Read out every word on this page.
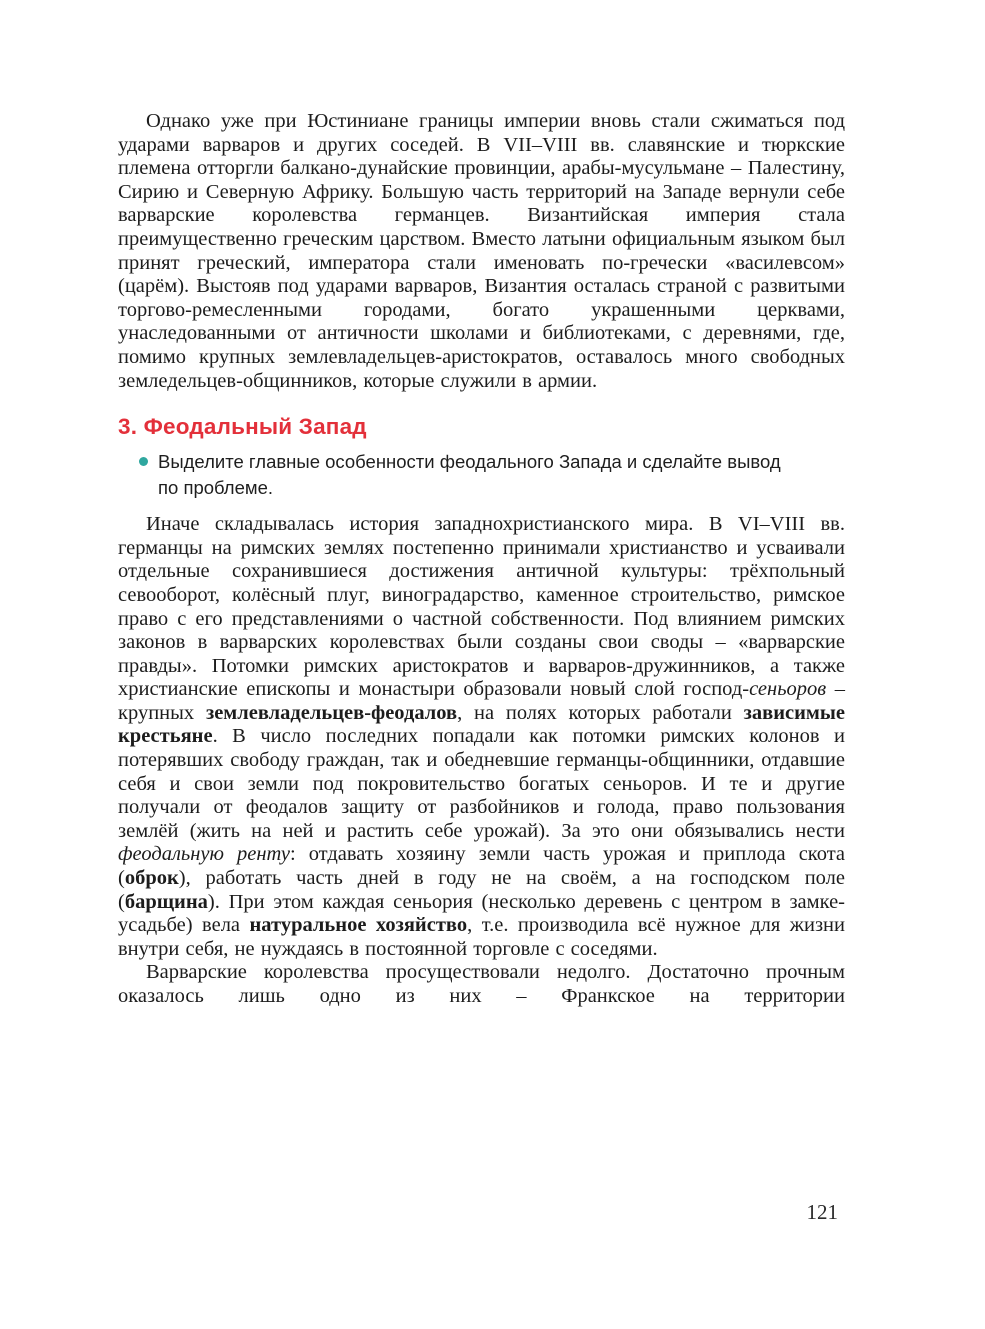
Однако уже при Юстиниане границы империи вновь стали сжиматься под ударами варваров и других соседей. В VII–VIII вв. славянские и тюркские племена отторгли балкано-дунайские провинции, арабы-мусульмане – Палестину, Сирию и Северную Африку. Большую часть территорий на Западе вернули себе варварские королевства германцев. Византийская империя стала преимущественно греческим царством. Вместо латыни официальным языком был принят греческий, императора стали именовать по-гречески «василевсом» (царём). Выстояв под ударами варваров, Византия осталась страной с развитыми торгово-ремесленными городами, богато украшенными церквами, унаследованными от античности школами и библиотеками, с деревнями, где, помимо крупных землевладельцев-аристократов, оставалось много свободных земледельцев-общинников, которые служили в армии.

3. Феодальный Запад
Выделите главные особенности феодального Запада и сделайте вывод по проблеме.

Иначе складывалась история западнохристианского мира. В VI–VIII вв. германцы на римских землях постепенно принимали христианство и усваивали отдельные сохранившиеся достижения античной культуры: трёхпольный севооборот, колёсный плуг, виноградарство, каменное строительство, римское право с его представлениями о частной собственности. Под влиянием римских законов в варварских королевствах были созданы свои своды – «варварские правды». Потомки римских аристократов и варваров-дружинников, а также христианские епископы и монастыри образовали новый слой господ-сеньоров – крупных землевладельцев-феодалов, на полях которых работали зависимые крестьяне. В число последних попадали как потомки римских колонов и потерявших свободу граждан, так и обедневшие германцы-общинники, отдавшие себя и свои земли под покровительство богатых сеньоров. И те и другие получали от феодалов защиту от разбойников и голода, право пользования землёй (жить на ней и растить себе урожай). За это они обязывались нести феодальную ренту: отдавать хозяину земли часть урожая и приплода скота (оброк), работать часть дней в году не на своём, а на господском поле (барщина). При этом каждая сеньория (несколько деревень с центром в замке-усадьбе) вела натуральное хозяйство, т.е. производила всё нужное для жизни внутри себя, не нуждаясь в постоянной торговле с соседями.

Варварские королевства просуществовали недолго. Достаточно прочным оказалось лишь одно из них – Франкское на территории

121
